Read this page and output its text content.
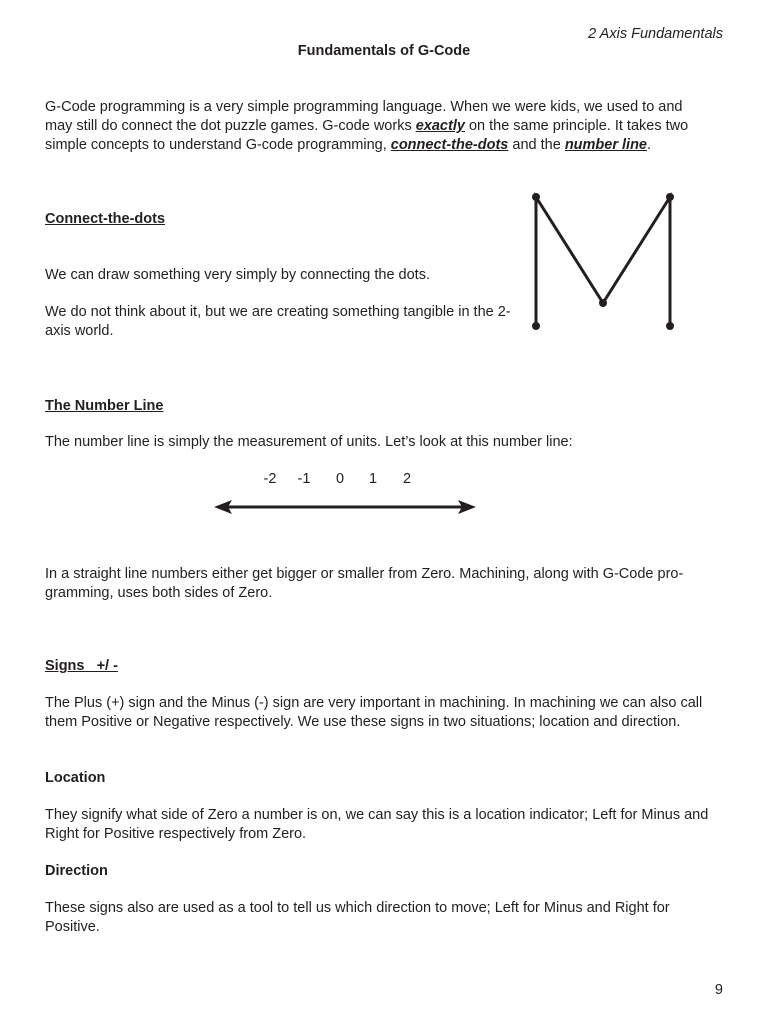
2 Axis Fundamentals
Fundamentals of G-Code

G-Code programming is a very simple programming language. When we were kids, we used to and may still do connect the dot puzzle games. G-code works exactly on the same principle. It takes two simple concepts to understand G-code programming, connect-the-dots and the number line.

Connect-the-dots

We can draw something very simply by connecting the dots.

We do not think about it, but we are creating something tangible in the 2-axis world.

The Number Line

The number line is simply the measurement of units. Let’s look at this number line:

-2 -1 0 1 2

In a straight line numbers either get bigger or smaller from Zero. Machining, along with G-Code programming, uses both sides of Zero.

Signs   +/ -

The Plus (+) sign and the Minus (-) sign are very important in machining. In machining we can also call them Positive or Negative respectively. We use these signs in two situations; location and direction.

Location

They signify what side of Zero a number is on, we can say this is a location indicator; Left for Minus and Right for Positive respectively from Zero.

Direction

These signs also are used as a tool to tell us which direction to move; Left for Minus and Right for Positive.

9
